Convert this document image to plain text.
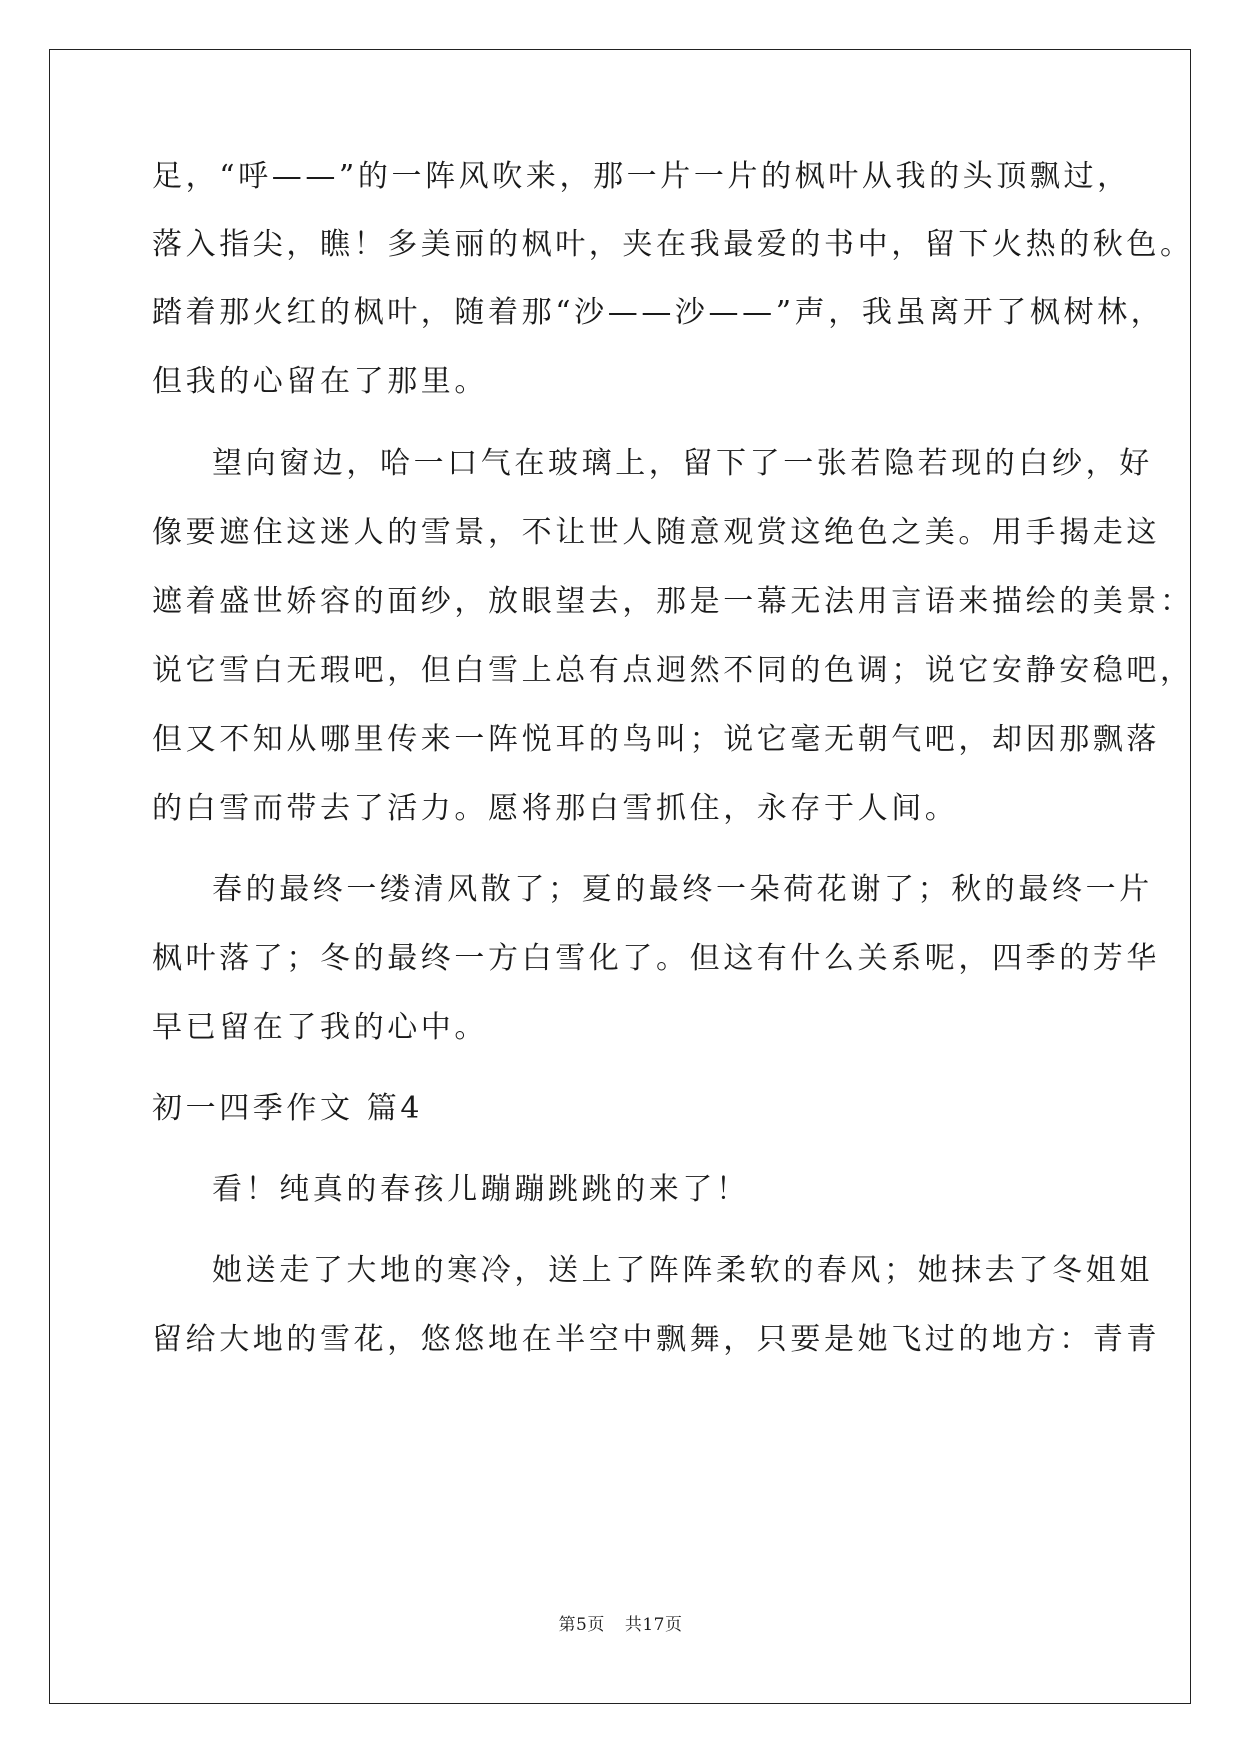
足，“呼——”的一阵风吹来，那一片一片的枫叶从我的头顶飘过，
落入指尖，瞧！多美丽的枫叶，夹在我最爱的书中，留下火热的秋色。
踏着那火红的枫叶，随着那“沙——沙——”声，我虽离开了枫树林，
但我的心留在了那里。
望向窗边，哈一口气在玻璃上，留下了一张若隐若现的白纱，好
像要遮住这迷人的雪景，不让世人随意观赏这绝色之美。用手揭走这
遮着盛世娇容的面纱，放眼望去，那是一幕无法用言语来描绘的美景：
说它雪白无瑕吧，但白雪上总有点迥然不同的色调；说它安静安稳吧，
但又不知从哪里传来一阵悦耳的鸟叫；说它毫无朝气吧，却因那飘落
的白雪而带去了活力。愿将那白雪抓住，永存于人间。
春的最终一缕清风散了；夏的最终一朵荷花谢了；秋的最终一片
枫叶落了；冬的最终一方白雪化了。但这有什么关系呢，四季的芳华
早已留在了我的心中。
初一四季作文 篇4
看！纯真的春孩儿蹦蹦跳跳的来了！
她送走了大地的寒冷，送上了阵阵柔软的春风；她抹去了冬姐姐
留给大地的雪花，悠悠地在半空中飘舞，只要是她飞过的地方：青青
第5页 共17页
